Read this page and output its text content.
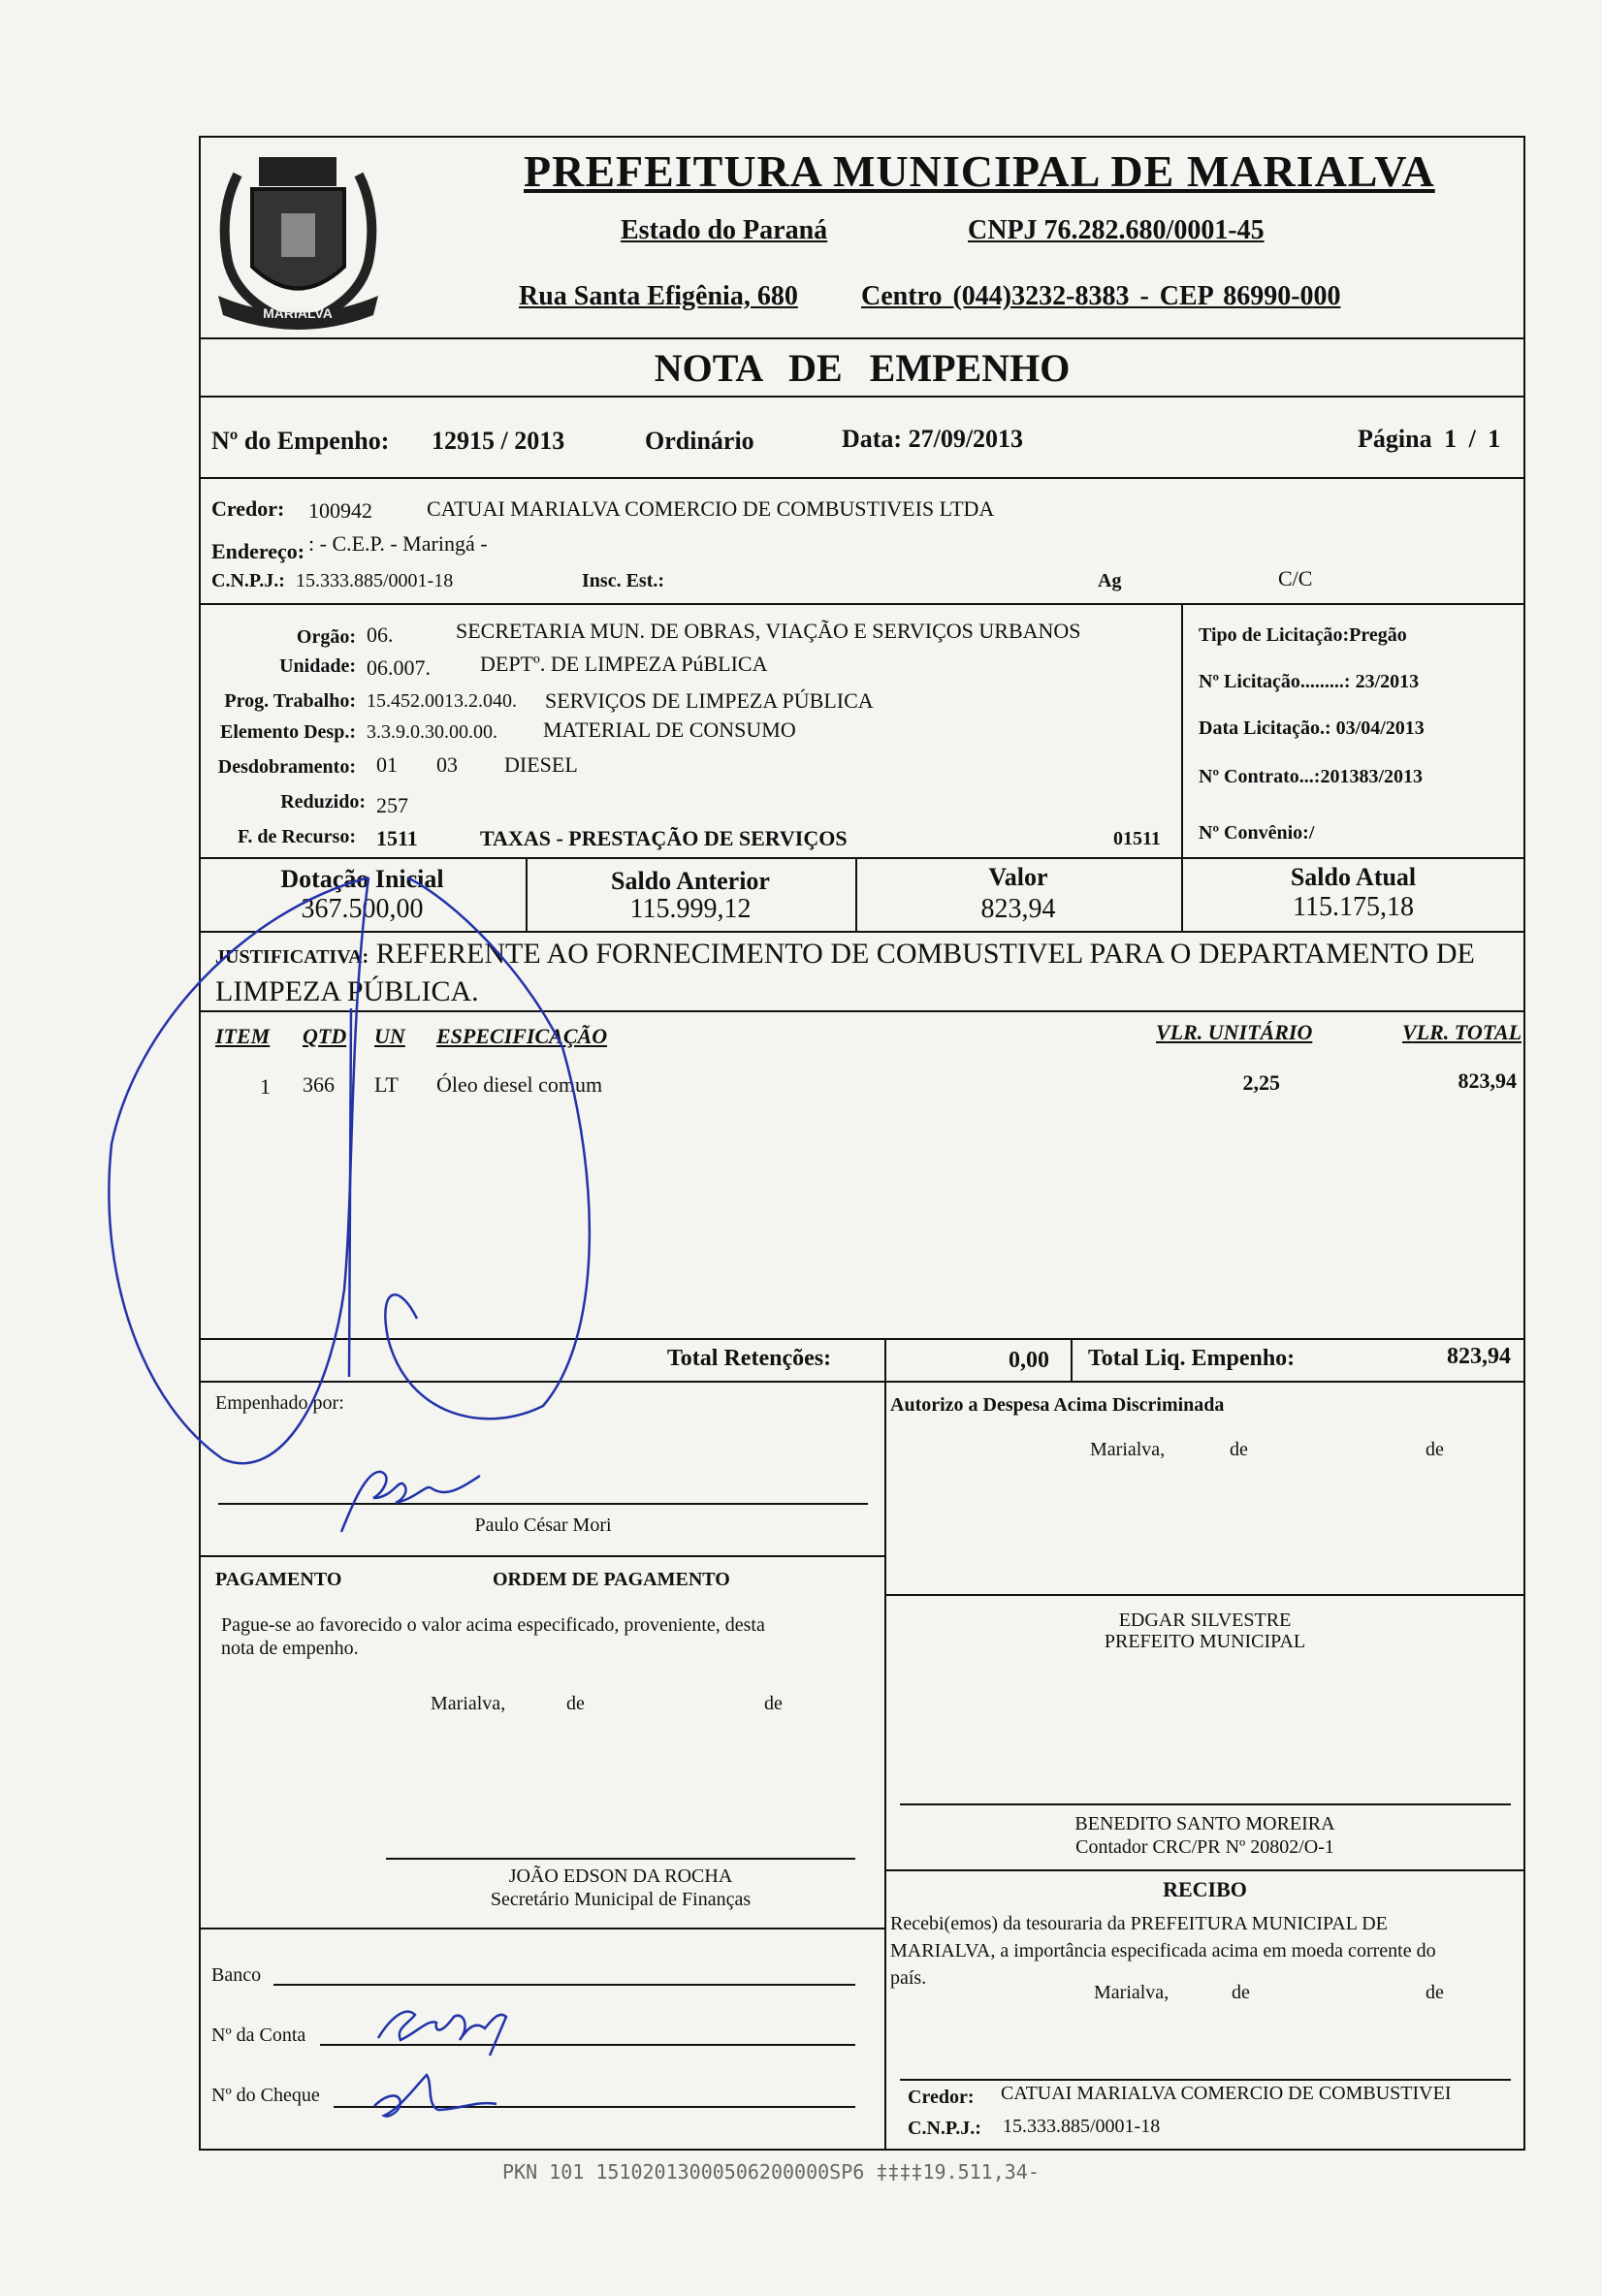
MARIALVA
PREFEITURA MUNICIPAL DE MARIALVA
Estado do Paraná	CNPJ 76.282.680/0001-45
Rua Santa Efigênia, 680 Centro (044)3232-8383 - CEP 86990-000
NOTA DE EMPENHO
Nº do Empenho: 12915 / 2013	Ordinário	Data: 27/09/2013	Página 1 / 1
Credor: 100942	CATUAI MARIALVA COMERCIO DE COMBUSTIVEIS LTDA
Endereço: : - C.E.P. - Maringá -
C.N.P.J.: 15.333.885/0001-18	Insc. Est.:	Ag	C/C
Orgão: 06.	SECRETARIA MUN. DE OBRAS, VIAÇÃO E SERVIÇOS URBANOS
Unidade: 06.007. DEPTº. DE LIMPEZA PúBLICA
Prog. Trabalho: 15.452.0013.2.040. SERVIÇOS DE LIMPEZA PÚBLICA
Elemento Desp.: 3.3.9.0.30.00.00. MATERIAL DE CONSUMO
Desdobramento: 01 03 DIESEL
Reduzido: 257
F. de Recurso: 1511	TAXAS - PRESTAÇÃO DE SERVIÇOS	01511
Tipo de Licitação:Pregão
Nº Licitação.........: 23/2013
Data Licitação.: 03/04/2013
Nº Contrato...:201383/2013
Nº Convênio:/
Dotação Inicial
367.500,00
Saldo Anterior
115.999,12
Valor
823,94
Saldo Atual
115.175,18
JUSTIFICATIVA: REFERENTE AO FORNECIMENTO DE COMBUSTIVEL PARA O DEPARTAMENTO DE
LIMPEZA PÚBLICA.
ITEM QTD UN ESPECIFICAÇÃO	VLR. UNITÁRIO	VLR. TOTAL
1 366 LT Óleo diesel comum	2,25	823,94
Total Retenções:	0,00 Total Liq. Empenho:	823,94
Empenhado por:
Paulo César Mori
Autorizo a Despesa Acima Discriminada
Marialva,	de	de
PAGAMENTO	ORDEM DE PAGAMENTO
Pague-se ao favorecido o valor acima especificado, proveniente, desta
nota de empenho.
Marialva,	de	de
EDGAR SILVESTRE
PREFEITO MUNICIPAL
BENEDITO SANTO MOREIRA
Contador CRC/PR Nº 20802/O-1
JOÃO EDSON DA ROCHA
Secretário Municipal de Finanças	RECIBO
Recebi(emos) da tesouraria da PREFEITURA MUNICIPAL DE
MARIALVA, a importância especificada acima em moeda corrente do
país.
Marialva,	de	de
Banco
Nº da Conta
Nº do Cheque	Credor: CATUAI MARIALVA COMERCIO DE COMBUSTIVEI
C.N.P.J.: 15.333.885/0001-18
PKN 101 15102013000506200000SP6 ‡‡‡‡19.511,34-
